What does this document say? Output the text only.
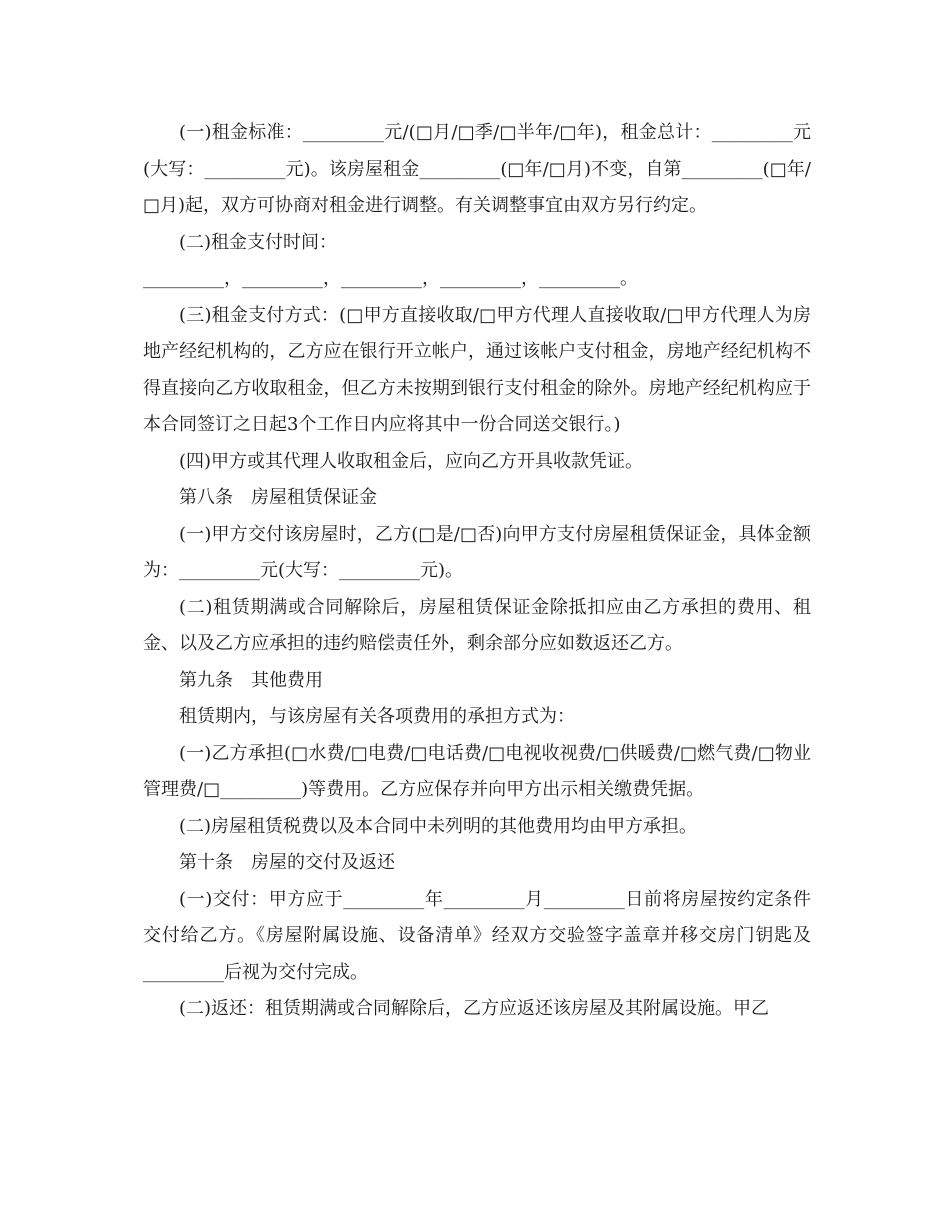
(一)租金标准：_________元/(□月/□季/□半年/□年)，租金总计：_________元(大写：_________元)。该房屋租金_________(□年/□月)不变，自第_________(□年/□月)起，双方可协商对租金进行调整。有关调整事宜由双方另行约定。

(二)租金支付时间：

_________，_________，_________，_________，_________。

(三)租金支付方式：(□甲方直接收取/□甲方代理人直接收取/□甲方代理人为房地产经纪机构的，乙方应在银行开立帐户，通过该帐户支付租金，房地产经纪机构不得直接向乙方收取租金，但乙方未按期到银行支付租金的除外。房地产经纪机构应于本合同签订之日起3个工作日内应将其中一份合同送交银行。)

(四)甲方或其代理人收取租金后，应向乙方开具收款凭证。

第八条　房屋租赁保证金

(一)甲方交付该房屋时，乙方(□是/□否)向甲方支付房屋租赁保证金，具体金额为：_________元(大写：_________元)。

(二)租赁期满或合同解除后，房屋租赁保证金除抵扣应由乙方承担的费用、租金、以及乙方应承担的违约赔偿责任外，剩余部分应如数返还乙方。

第九条　其他费用

租赁期内，与该房屋有关各项费用的承担方式为：

(一)乙方承担(□水费/□电费/□电话费/□电视收视费/□供暖费/□燃气费/□物业管理费/□_________)等费用。乙方应保存并向甲方出示相关缴费凭据。

(二)房屋租赁税费以及本合同中未列明的其他费用均由甲方承担。

第十条　房屋的交付及返还

(一)交付：甲方应于_________年_________月_________日前将房屋按约定条件交付给乙方。《房屋附属设施、设备清单》经双方交验签字盖章并移交房门钥匙及_________后视为交付完成。

(二)返还：租赁期满或合同解除后，乙方应返还该房屋及其附属设施。甲乙
